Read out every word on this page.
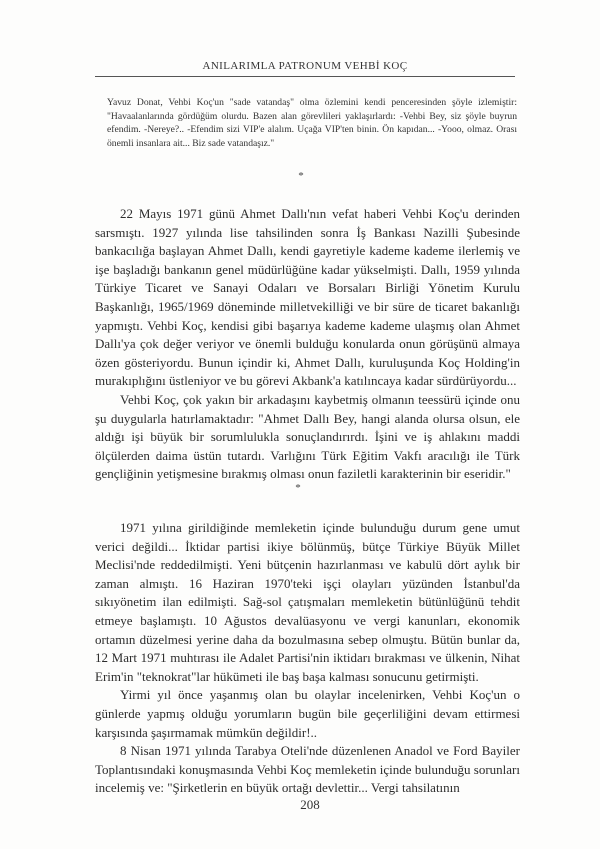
ANILARIMLA PATRONUM VEHBİ KOÇ

Yavuz Donat, Vehbi Koç'un "sade vatandaş" olma özlemini kendi penceresinden şöyle izlemiştir: "Havaalanlarında gördüğüm olurdu. Bazen alan görevlileri yaklaşırlardı: -Vehbi Bey, siz şöyle buyrun efendim. -Nereye?.. -Efendim sizi VIP'e alalım. Uçağa VIP'ten binin. Ön kapıdan... -Yooo, olmaz. Orası önemli insanlara ait... Biz sade vatandaşız."

*

22 Mayıs 1971 günü Ahmet Dallı'nın vefat haberi Vehbi Koç'u derinden sarsmıştı. 1927 yılında lise tahsilinden sonra İş Bankası Nazilli Şubesinde bankacılığa başlayan Ahmet Dallı, kendi gayretiyle kademe kademe ilerlemiş ve işe başladığı bankanın genel müdürlüğüne kadar yükselmişti. Dallı, 1959 yılında Türkiye Ticaret ve Sanayi Odaları ve Borsaları Birliği Yönetim Kurulu Başkanlığı, 1965/1969 döneminde milletvekilliği ve bir süre de ticaret bakanlığı yapmıştı. Vehbi Koç, kendisi gibi başarıya kademe kademe ulaşmış olan Ahmet Dallı'ya çok değer veriyor ve önemli bulduğu konularda onun görüşünü almaya özen gösteriyordu. Bunun içindir ki, Ahmet Dallı, kuruluşunda Koç Holding'in murakıplığını üstleniyor ve bu görevi Akbank'a katılıncaya kadar sürdürüyordu...

Vehbi Koç, çok yakın bir arkadaşını kaybetmiş olmanın teessürü içinde onu şu duygularla hatırlamaktadır: "Ahmet Dallı Bey, hangi alanda olursa olsun, ele aldığı işi büyük bir sorumlulukla sonuçlandırırdı. İşini ve iş ahlakını maddi ölçülerden daima üstün tutardı. Varlığını Türk Eğitim Vakfı aracılığı ile Türk gençliğinin yetişmesine bırakmış olması onun faziletli karakterinin bir eseridir."

*

1971 yılına girildiğinde memleketin içinde bulunduğu durum gene umut verici değildi... İktidar partisi ikiye bölünmüş, bütçe Türkiye Büyük Millet Meclisi'nde reddedilmişti. Yeni bütçenin hazırlanması ve kabulü dört aylık bir zaman almıştı. 16 Haziran 1970'teki işçi olayları yüzünden İstanbul'da sıkıyönetim ilan edilmişti. Sağ-sol çatışmaları memleketin bütünlüğünü tehdit etmeye başlamıştı. 10 Ağustos devalüasyonu ve vergi kanunları, ekonomik ortamın düzelmesi yerine daha da bozulmasına sebep olmuştu. Bütün bunlar da, 12 Mart 1971 muhtırası ile Adalet Partisi'nin iktidarı bırakması ve ülkenin, Nihat Erim'in "teknokrat"lar hükümeti ile baş başa kalması sonucunu getirmişti.

Yirmi yıl önce yaşanmış olan bu olaylar incelenirken, Vehbi Koç'un o günlerde yapmış olduğu yorumların bugün bile geçerliliğini devam ettirmesi karşısında şaşırmamak mümkün değildir!..

8 Nisan 1971 yılında Tarabya Oteli'nde düzenlenen Anadol ve Ford Bayiler Toplantısındaki konuşmasında Vehbi Koç memleketin içinde bulunduğu sorunları incelemiş ve: "Şirketlerin en büyük ortağı devlettir... Vergi tahsilatının

208
